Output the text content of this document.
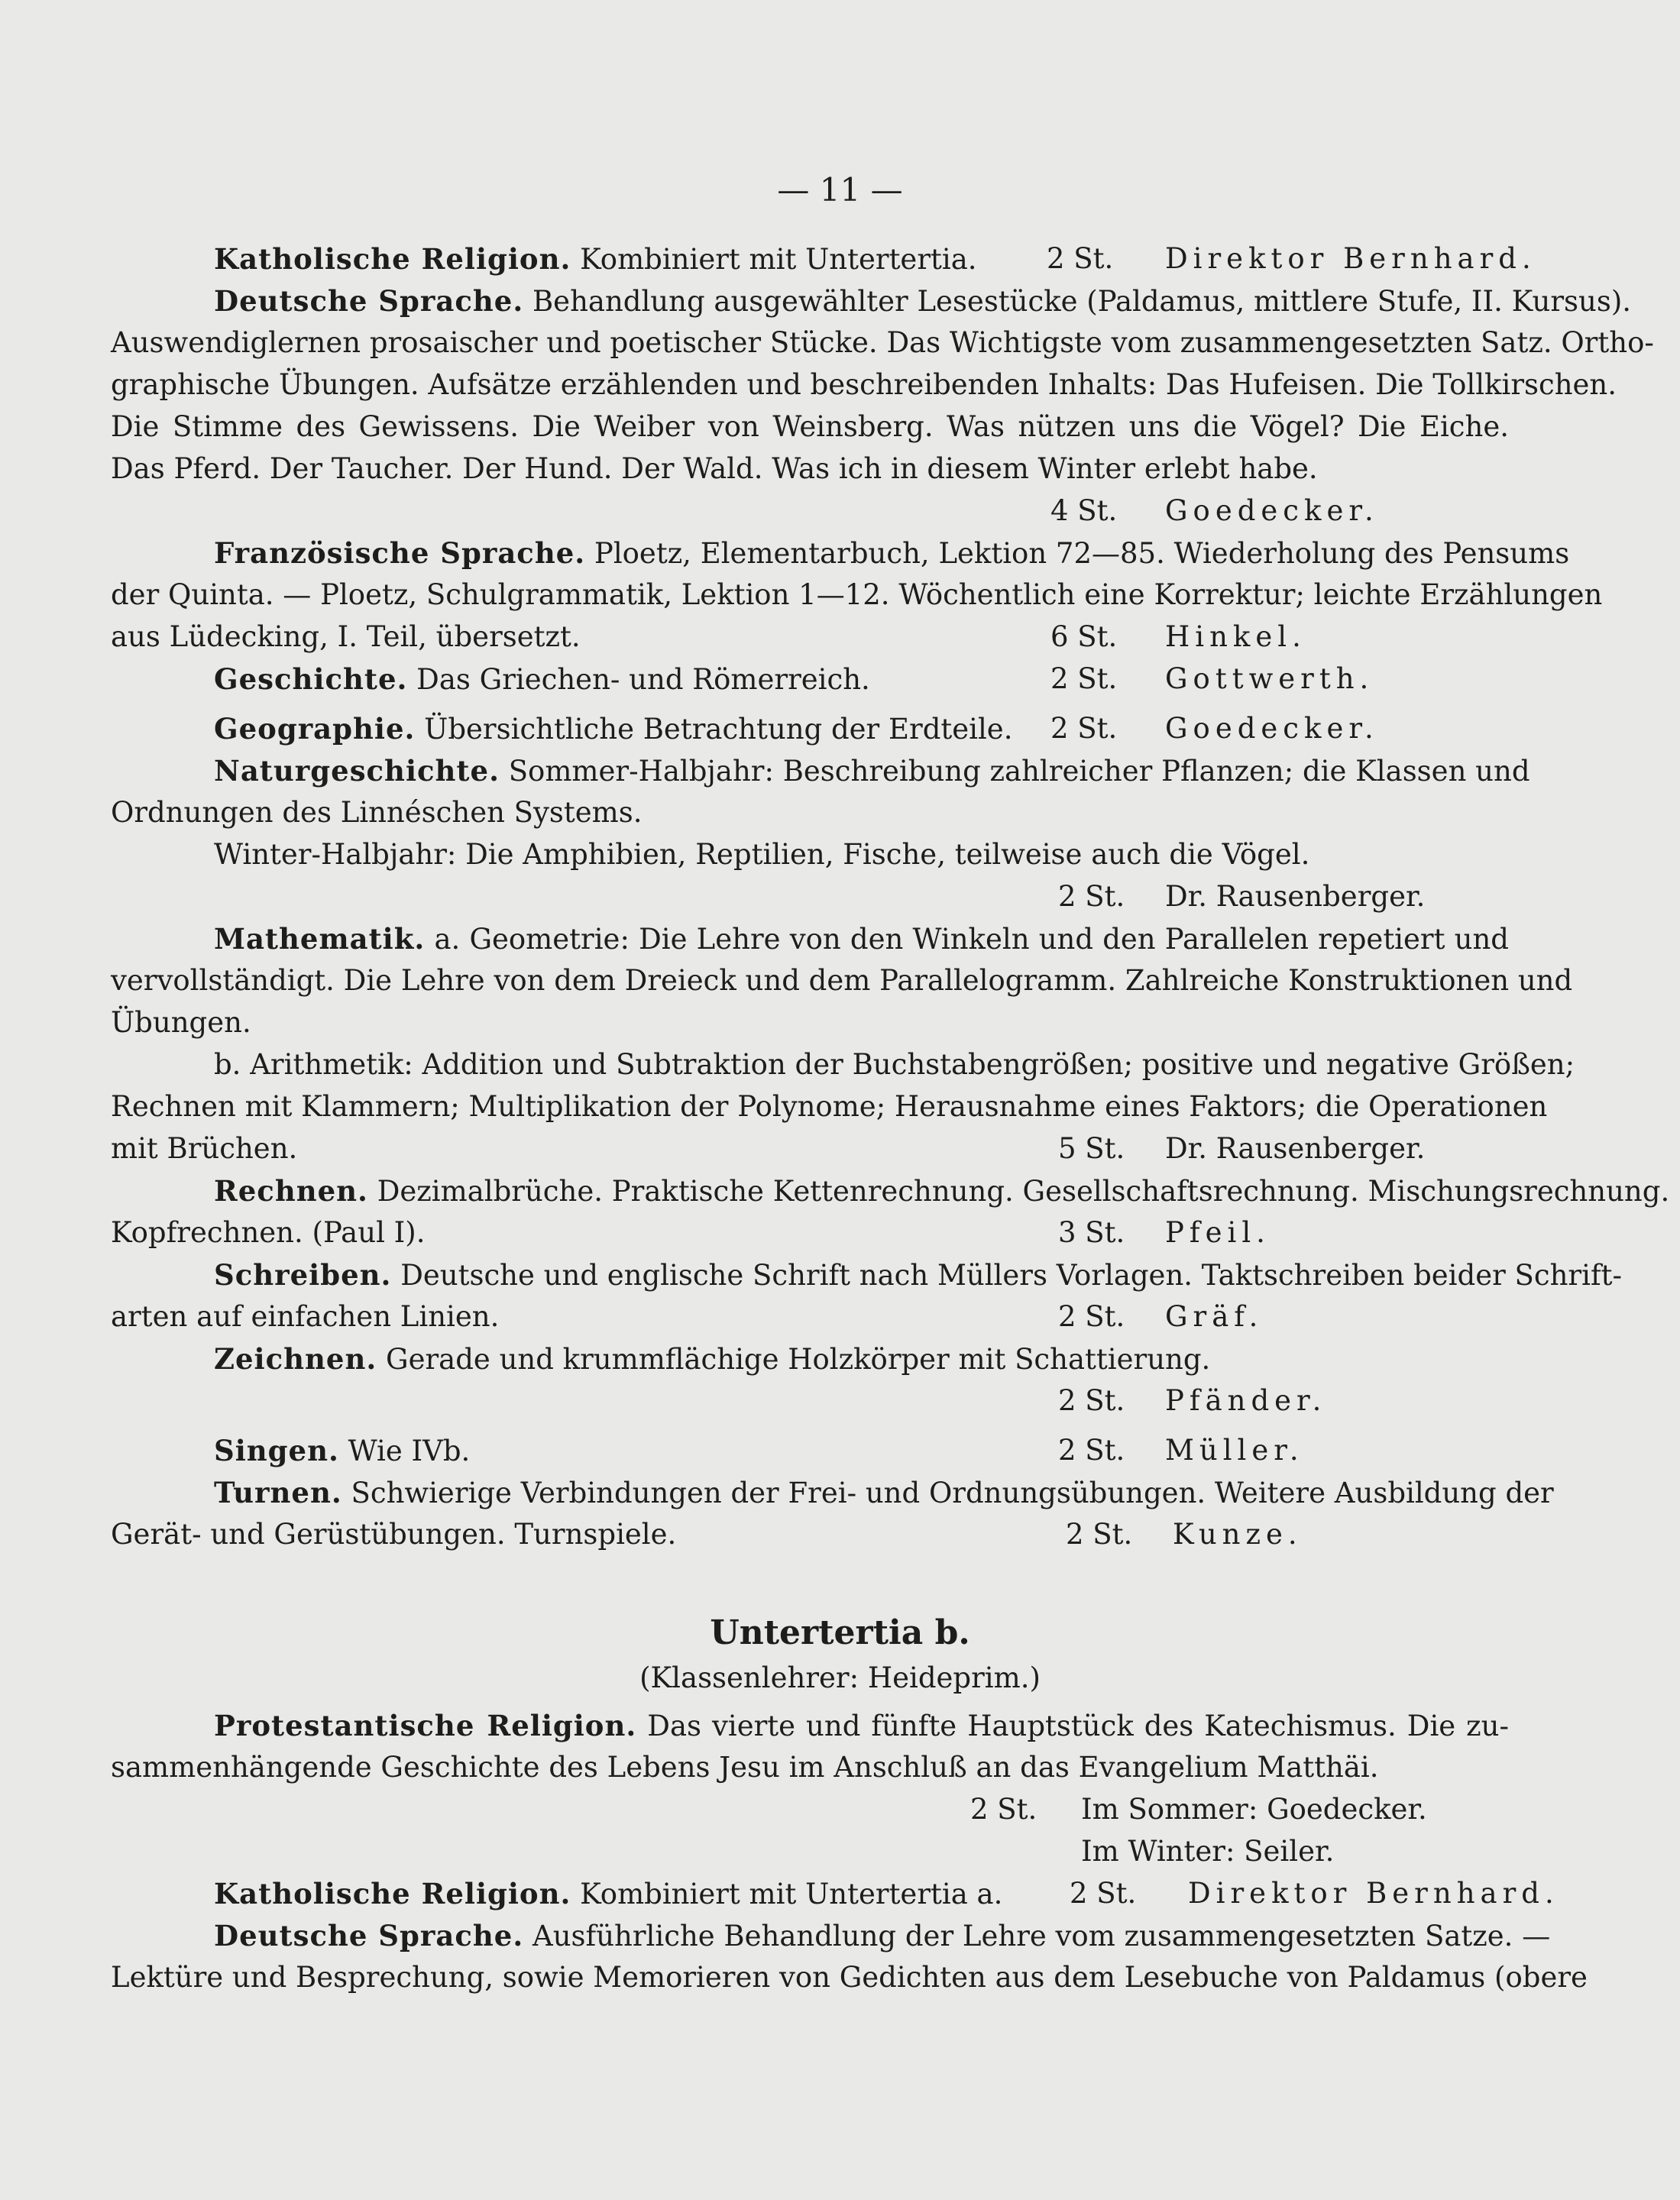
— 11 —
Katholische Religion. Kombiniert mit Untertertia. 2 St. Direktor Bernhard.
Deutsche Sprache. Behandlung ausgewählter Lesestücke (Paldamus, mittlere Stufe, II. Kursus).
Auswendiglernen prosaischer und poetischer Stücke. Das Wichtigste vom zusammengesetzten Satz. Ortho-
graphische Übungen. Aufsätze erzählenden und beschreibenden Inhalts: Das Hufeisen. Die Tollkirschen.
Die Stimme des Gewissens. Die Weiber von Weinsberg. Was nützen uns die Vögel? Die Eiche.
Das Pferd. Der Taucher. Der Hund. Der Wald. Was ich in diesem Winter erlebt habe.
4 St. Goedecker.
Französische Sprache. Ploetz, Elementarbuch, Lektion 72—85. Wiederholung des Pensums
der Quinta. — Ploetz, Schulgrammatik, Lektion 1—12. Wöchentlich eine Korrektur; leichte Erzählungen
aus Lüdecking, I. Teil, übersetzt.	6 St. Hinkel.
Geschichte. Das Griechen- und Römerreich.	2 St. Gottwerth.
Geographie. Übersichtliche Betrachtung der Erdteile. 2 St. Goedecker.
Naturgeschichte. Sommer-Halbjahr: Beschreibung zahlreicher Pflanzen; die Klassen und
Ordnungen des Linnéschen Systems.
Winter-Halbjahr: Die Amphibien, Reptilien, Fische, teilweise auch die Vögel.
2 St. Dr. Rausenberger.
Mathematik. a. Geometrie: Die Lehre von den Winkeln und den Parallelen repetiert und
vervollständigt. Die Lehre von dem Dreieck und dem Parallelogramm. Zahlreiche Konstruktionen und
Übungen.
b. Arithmetik: Addition und Subtraktion der Buchstabengrößen; positive und negative Größen;
Rechnen mit Klammern; Multiplikation der Polynome; Herausnahme eines Faktors; die Operationen
mit Brüchen.	5 St. Dr. Rausenberger.
Rechnen. Dezimalbrüche. Praktische Kettenrechnung. Gesellschaftsrechnung. Mischungsrechnung.
Kopfrechnen. (Paul I).	3 St. Pfeil.
Schreiben. Deutsche und englische Schrift nach Müllers Vorlagen. Taktschreiben beider Schrift-
arten auf einfachen Linien.	2 St. Gräf.
Zeichnen. Gerade und krummflächige Holzkörper mit Schattierung.
2 St. Pfänder.
Singen. Wie IVb.	2 St. Müller.
Turnen. Schwierige Verbindungen der Frei- und Ordnungsübungen. Weitere Ausbildung der
Gerät- und Gerüstübungen. Turnspiele.	2 St. Kunze.
Untertertia b.
(Klassenlehrer: Heideprim.)
Protestantische Religion. Das vierte und fünfte Hauptstück des Katechismus. Die zu-
sammenhängende Geschichte des Lebens Jesu im Anschluß an das Evangelium Matthäi.
2 St. Im Sommer: Goedecker.
Im Winter: Seiler.
Katholische Religion. Kombiniert mit Untertertia a. 2 St. Direktor Bernhard.
Deutsche Sprache. Ausführliche Behandlung der Lehre vom zusammengesetzten Satze. —
Lektüre und Besprechung, sowie Memorieren von Gedichten aus dem Lesebuche von Paldamus (obere
